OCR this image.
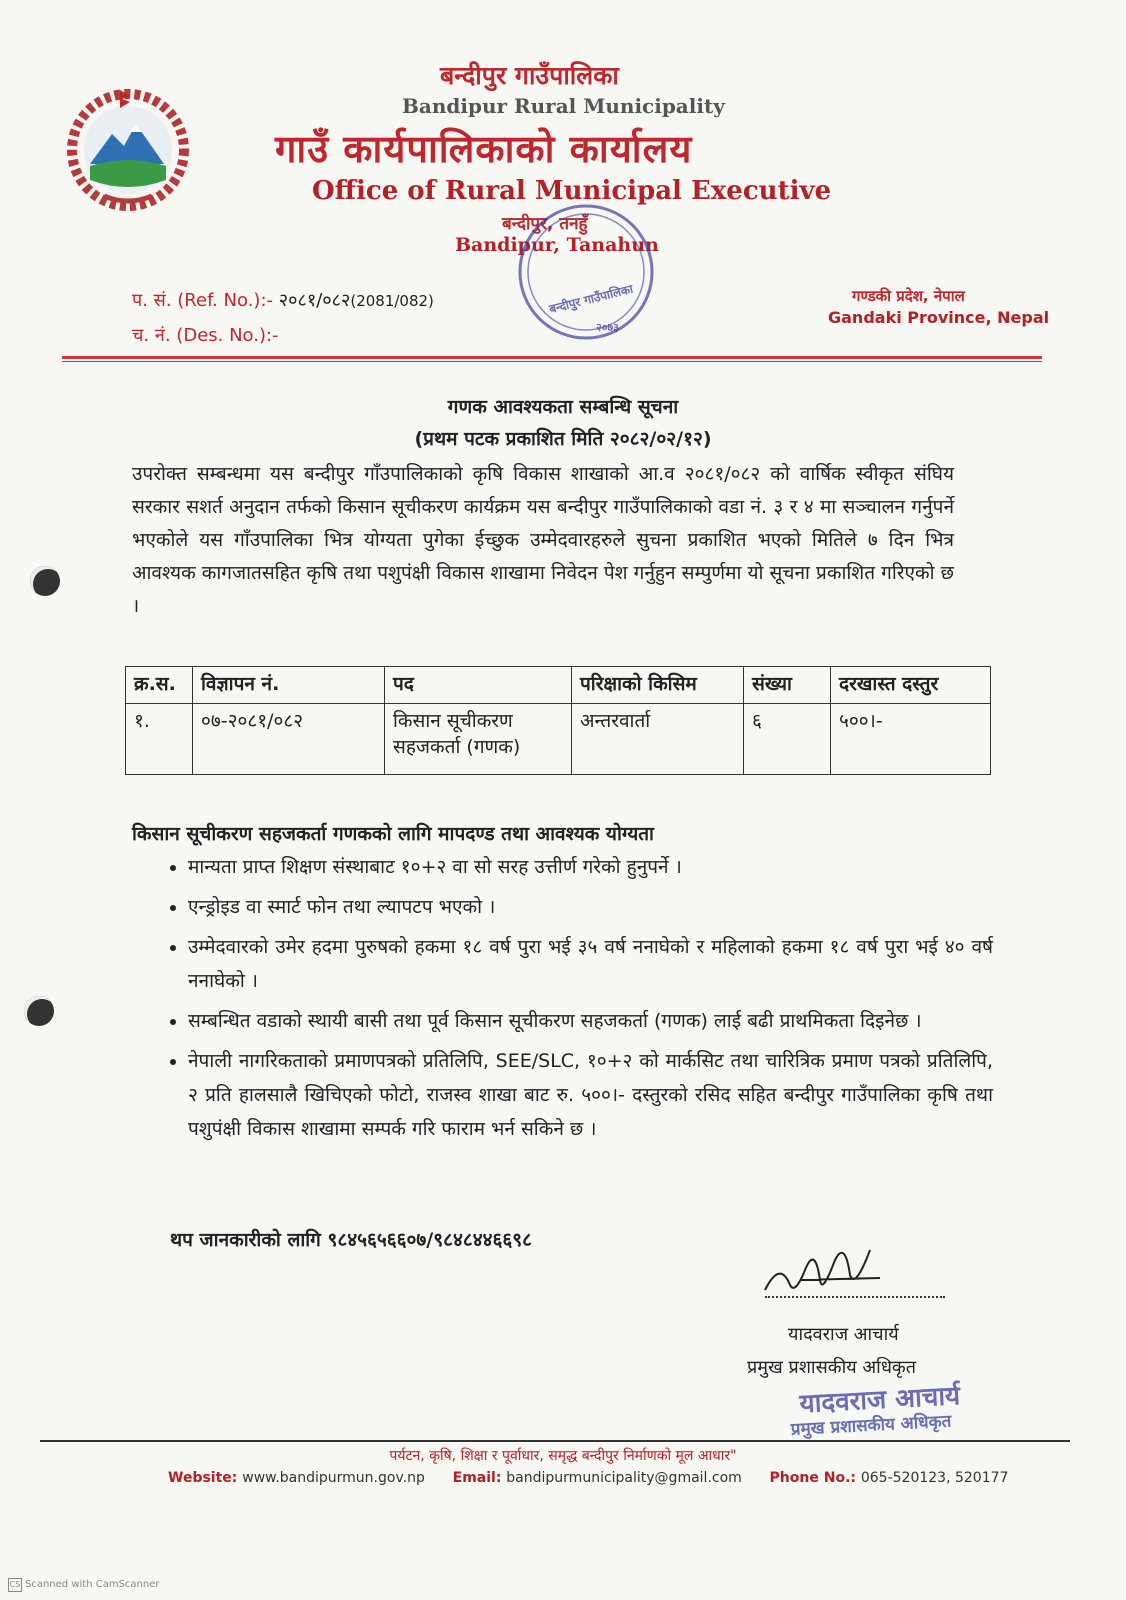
बन्दीपुर गाउँपालिका
Bandipur Rural Municipality
गाउँ कार्यपालिकाको कार्यालय
Office of Rural Municipal Executive
बन्दीपुर, तनहुँ
Bandipur, Tanahun
बन्दीपुर गाउँपालिका
२०७३
प. सं. (Ref. No.):- २०८१/०८२(2081/082)
च. नं. (Des. No.):-
गण्डकी प्रदेश, नेपाल
Gandaki Province, Nepal
गणक आवश्यकता सम्बन्धि सूचना
(प्रथम पटक प्रकाशित मिति २०८२/०२/१२)
उपरोक्त सम्बन्धमा यस बन्दीपुर गाँउपालिकाको कृषि विकास शाखाको आ.व २०८१/०८२ को वार्षिक स्वीकृत संघिय सरकार सशर्त अनुदान तर्फको किसान सूचीकरण कार्यक्रम यस बन्दीपुर गाउँपालिकाको वडा नं. ३ र ४ मा सञ्चालन गर्नुपर्ने भएकोले यस गाँउपालिका भित्र योग्यता पुगेका ईच्छुक उम्मेदवारहरुले सुचना प्रकाशित भएको मितिले ७ दिन भित्र आवश्यक कागजातसहित कृषि तथा पशुपंक्षी विकास शाखामा निवेदन पेश गर्नुहुन सम्पुर्णमा यो सूचना प्रकाशित गरिएको छ ।
क्र.स.	विज्ञापन नं.	पद	परिक्षाको किसिम	संख्या	दरखास्त दस्तुर
१.	०७-२०८१/०८२	किसान सूचीकरण सहजकर्ता (गणक)	अन्तरवार्ता	६	५००।-
किसान सूचीकरण सहजकर्ता गणकको लागि मापदण्ड तथा आवश्यक योग्यता
• मान्यता प्राप्त शिक्षण संस्थाबाट १०+२ वा सो सरह उत्तीर्ण गरेको हुनुपर्ने ।
• एन्ड्रोइड वा स्मार्ट फोन तथा ल्यापटप भएको ।
• उम्मेदवारको उमेर हदमा पुरुषको हकमा १८ वर्ष पुरा भई ३५ वर्ष ननाघेको र महिलाको हकमा १८ वर्ष पुरा भई ४० वर्ष ननाघेको ।
• सम्बन्धित वडाको स्थायी बासी तथा पूर्व किसान सूचीकरण सहजकर्ता (गणक) लाई बढी प्राथमिकता दिइनेछ ।
• नेपाली नागरिकताको प्रमाणपत्रको प्रतिलिपि, SEE/SLC, १०+२ को मार्कसिट तथा चारित्रिक प्रमाण पत्रको प्रतिलिपि, २ प्रति हालसालै खिचिएको फोटो, राजस्व शाखा बाट रु. ५००।- दस्तुरको रसिद सहित बन्दीपुर गाउँपालिका कृषि तथा पशुपंक्षी विकास शाखामा सम्पर्क गरि फाराम भर्न सकिने छ ।
थप जानकारीको लागि ९८४५६५६६०७/९८४८४४६६९८
यादवराज आचार्य
प्रमुख प्रशासकीय अधिकृत
यादवराज आचार्य
प्रमुख प्रशासकीय अधिकृत
पर्यटन, कृषि, शिक्षा र पूर्वाधार, समृद्ध बन्दीपुर निर्माणको मूल आधार"
Website: www.bandipurmun.gov.np Email: bandipurmunicipality@gmail.com Phone No.: 065-520123, 520177
CS Scanned with CamScanner
